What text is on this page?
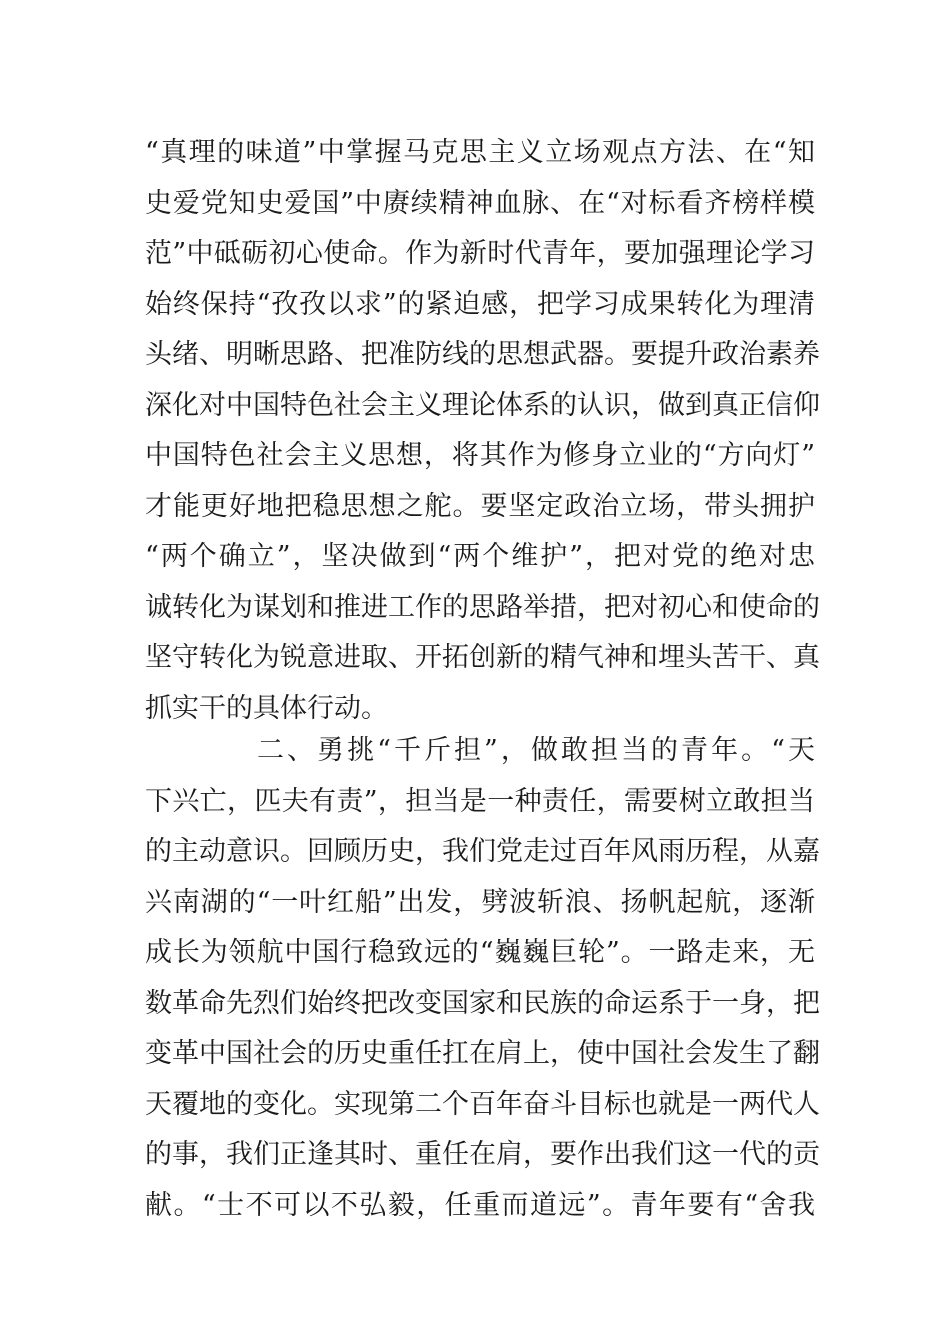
“真理的味道”中掌握马克思主义立场观点方法、在“知
史爱党知史爱国”中赓续精神血脉、在“对标看齐榜样模
范”中砥砺初心使命。作为新时代青年，要加强理论学习
始终保持“孜孜以求”的紧迫感，把学习成果转化为理清
头绪、明晰思路、把准防线的思想武器。要提升政治素养
深化对中国特色社会主义理论体系的认识，做到真正信仰
中国特色社会主义思想，将其作为修身立业的“方向灯”
才能更好地把稳思想之舵。要坚定政治立场，带头拥护
“两个确立”，坚决做到“两个维护”，把对党的绝对忠
诚转化为谋划和推进工作的思路举措，把对初心和使命的
坚守转化为锐意进取、开拓创新的精气神和埋头苦干、真
抓实干的具体行动。
二、勇挑“千斤担”，做敢担当的青年。“天
下兴亡，匹夫有责”，担当是一种责任，需要树立敢担当
的主动意识。回顾历史，我们党走过百年风雨历程，从嘉
兴南湖的“一叶红船”出发，劈波斩浪、扬帆起航，逐渐
成长为领航中国行稳致远的“巍巍巨轮”。一路走来，无
数革命先烈们始终把改变国家和民族的命运系于一身，把
变革中国社会的历史重任扛在肩上，使中国社会发生了翻
天覆地的变化。实现第二个百年奋斗目标也就是一两代人
的事，我们正逢其时、重任在肩，要作出我们这一代的贡
献。“士不可以不弘毅，任重而道远”。青年要有“舍我
